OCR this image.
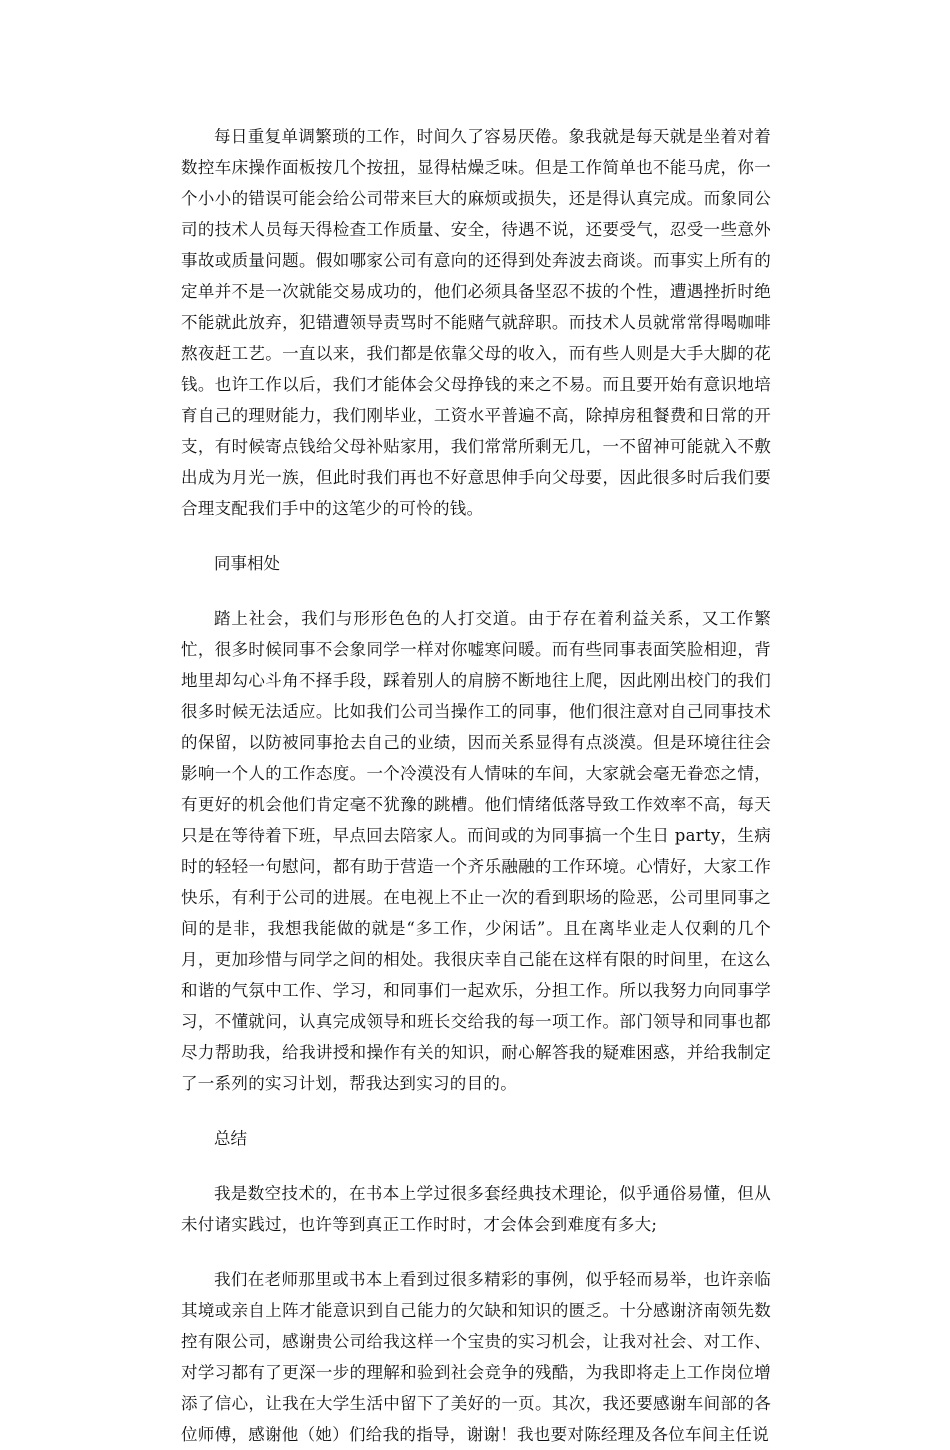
每日重复单调繁琐的工作，时间久了容易厌倦。象我就是每天就是坐着对着数控车床操作面板按几个按扭，显得枯燥乏味。但是工作简单也不能马虎，你一个小小的错误可能会给公司带来巨大的麻烦或损失，还是得认真完成。而象同公司的技术人员每天得检查工作质量、安全，待遇不说，还要受气，忍受一些意外事故或质量问题。假如哪家公司有意向的还得到处奔波去商谈。而事实上所有的定单并不是一次就能交易成功的，他们必须具备坚忍不拔的个性，遭遇挫折时绝不能就此放弃，犯错遭领导责骂时不能赌气就辞职。而技术人员就常常得喝咖啡熬夜赶工艺。一直以来，我们都是依靠父母的收入，而有些人则是大手大脚的花钱。也许工作以后，我们才能体会父母挣钱的来之不易。而且要开始有意识地培育自己的理财能力，我们刚毕业，工资水平普遍不高，除掉房租餐费和日常的开支，有时候寄点钱给父母补贴家用，我们常常所剩无几，一不留神可能就入不敷出成为月光一族，但此时我们再也不好意思伸手向父母要，因此很多时后我们要合理支配我们手中的这笔少的可怜的钱。

同事相处

踏上社会，我们与形形色色的人打交道。由于存在着利益关系，又工作繁忙，很多时候同事不会象同学一样对你嘘寒问暖。而有些同事表面笑脸相迎，背地里却勾心斗角不择手段，踩着别人的肩膀不断地往上爬，因此刚出校门的我们很多时候无法适应。比如我们公司当操作工的同事，他们很注意对自己同事技术的保留，以防被同事抢去自己的业绩，因而关系显得有点淡漠。但是环境往往会影响一个人的工作态度。一个冷漠没有人情味的车间，大家就会毫无眷恋之情，有更好的机会他们肯定毫不犹豫的跳槽。他们情绪低落导致工作效率不高，每天只是在等待着下班，早点回去陪家人。而间或的为同事搞一个生日 party，生病时的轻轻一句慰问，都有助于营造一个齐乐融融的工作环境。心情好，大家工作快乐，有利于公司的进展。在电视上不止一次的看到职场的险恶，公司里同事之间的是非，我想我能做的就是“多工作，少闲话”。且在离毕业走人仅剩的几个月，更加珍惜与同学之间的相处。我很庆幸自己能在这样有限的时间里，在这么和谐的气氛中工作、学习，和同事们一起欢乐，分担工作。所以我努力向同事学习，不懂就问，认真完成领导和班长交给我的每一项工作。部门领导和同事也都尽力帮助我，给我讲授和操作有关的知识，耐心解答我的疑难困惑，并给我制定了一系列的实习计划，帮我达到实习的目的。

总结

我是数空技术的，在书本上学过很多套经典技术理论，似乎通俗易懂，但从未付诸实践过，也许等到真正工作时时，才会体会到难度有多大;

我们在老师那里或书本上看到过很多精彩的事例，似乎轻而易举，也许亲临其境或亲自上阵才能意识到自己能力的欠缺和知识的匮乏。十分感谢济南领先数控有限公司，感谢贵公司给我这样一个宝贵的实习机会，让我对社会、对工作、对学习都有了更深一步的理解和验到社会竞争的残酷，为我即将走上工作岗位增添了信心，让我在大学生活中留下了美好的一页。其次，我还要感谢车间部的各位师傅，感谢他（她）们给我的指导，谢谢！我也要对陈经理及各位车间主任说
